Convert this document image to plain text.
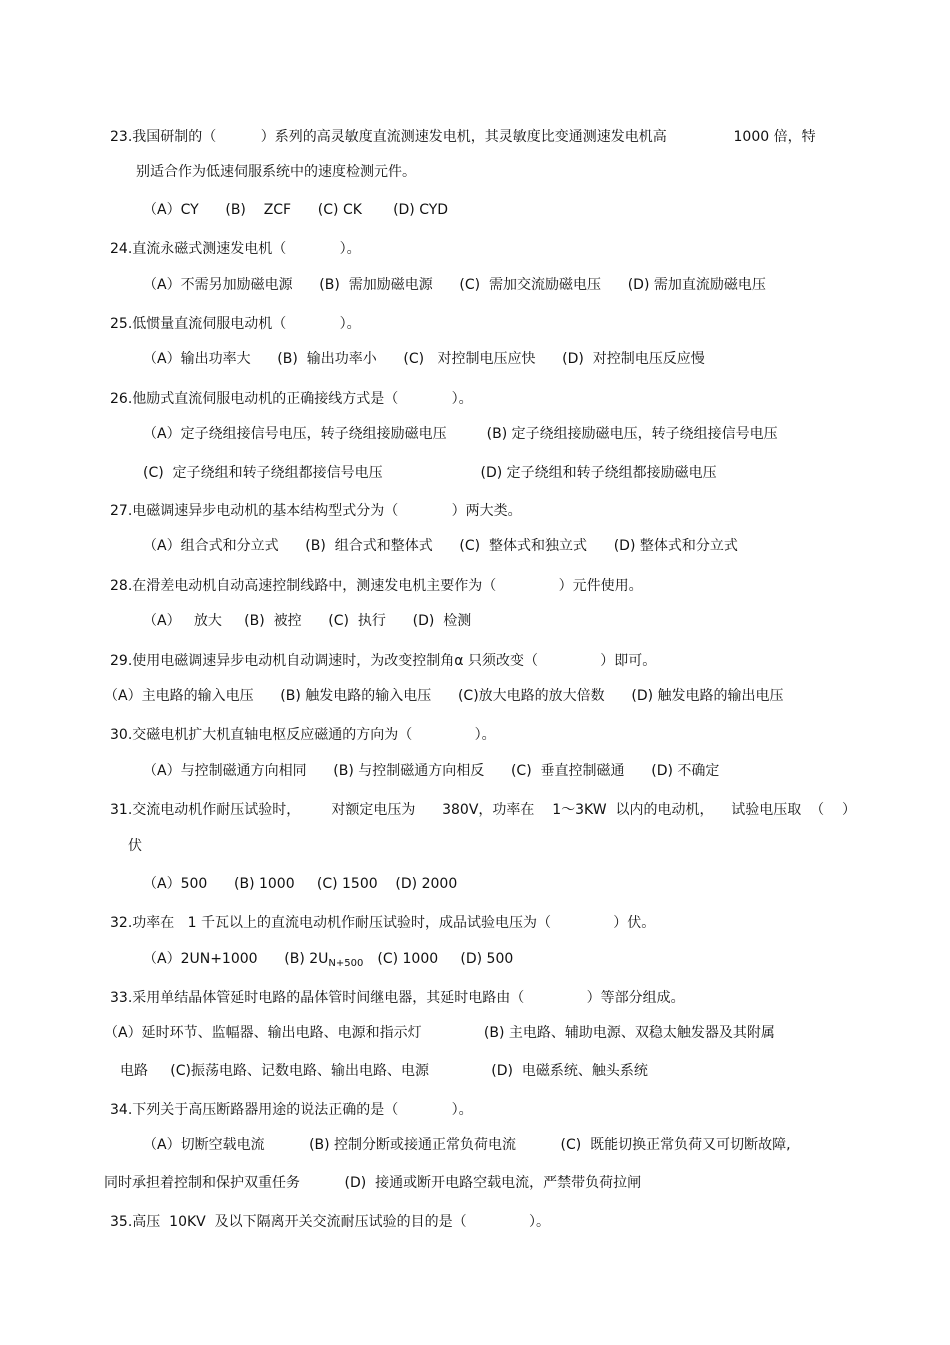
23.我国研制的（          ）系列的高灵敏度直流测速发电机，其灵敏度比变通测速发电机高               1000 倍，特
别适合作为低速伺服系统中的速度检测元件。
（A）CY      (B)    ZCF      (C) CK       (D) CYD
24.直流永磁式测速发电机（            ）。
（A）不需另加励磁电源      (B)  需加励磁电源      (C)  需加交流励磁电压      (D) 需加直流励磁电压
25.低惯量直流伺服电动机（            ）。
（A）输出功率大      (B)  输出功率小      (C)   对控制电压应快      (D)  对控制电压反应慢
26.他励式直流伺服电动机的正确接线方式是（            ）。
（A）定子绕组接信号电压，转子绕组接励磁电压         (B) 定子绕组接励磁电压，转子绕组接信号电压
(C)  定子绕组和转子绕组都接信号电压                      (D) 定子绕组和转子绕组都接励磁电压
27.电磁调速异步电动机的基本结构型式分为（            ）两大类。
（A）组合式和分立式      (B)  组合式和整体式      (C)  整体式和独立式      (D) 整体式和分立式
28.在滑差电动机自动高速控制线路中，测速发电机主要作为（              ）元件使用。
（A）   放大     (B)  被控      (C)  执行      (D)  检测
29.使用电磁调速异步电动机自动调速时，为改变控制角α 只须改变（              ）即可。
（A）主电路的输入电压      (B) 触发电路的输入电压      (C)放大电路的放大倍数      (D) 触发电路的输出电压
30.交磁电机扩大机直轴电枢反应磁通的方向为（              ）。
（A）与控制磁通方向相同      (B) 与控制磁通方向相反      (C)  垂直控制磁通      (D) 不确定
31.交流电动机作耐压试验时，       对额定电压为      380V，功率在    1～3KW  以内的电动机，    试验电压取  （    ）
伏
（A）500      (B) 1000     (C) 1500    (D) 2000
32.功率在   1 千瓦以上的直流电动机作耐压试验时，成品试验电压为（              ）伏。
（A）2UN+1000      (B) $2U_{N+500}$ (C) 1000     (D) 500
33.采用单结晶体管延时电路的晶体管时间继电器，其延时电路由（              ）等部分组成。
（A）延时环节、监幅器、输出电路、电源和指示灯              (B) 主电路、辅助电源、双稳太触发器及其附属
电路     (C)振荡电路、记数电路、输出电路、电源              (D)  电磁系统、触头系统
34.下列关于高压断路器用途的说法正确的是（            ）。
（A）切断空载电流          (B) 控制分断或接通正常负荷电流          (C)  既能切换正常负荷又可切断故障,
同时承担着控制和保护双重任务          (D)  接通或断开电路空载电流，严禁带负荷拉闸
35.高压  10KV  及以下隔离开关交流耐压试验的目的是（              ）。
